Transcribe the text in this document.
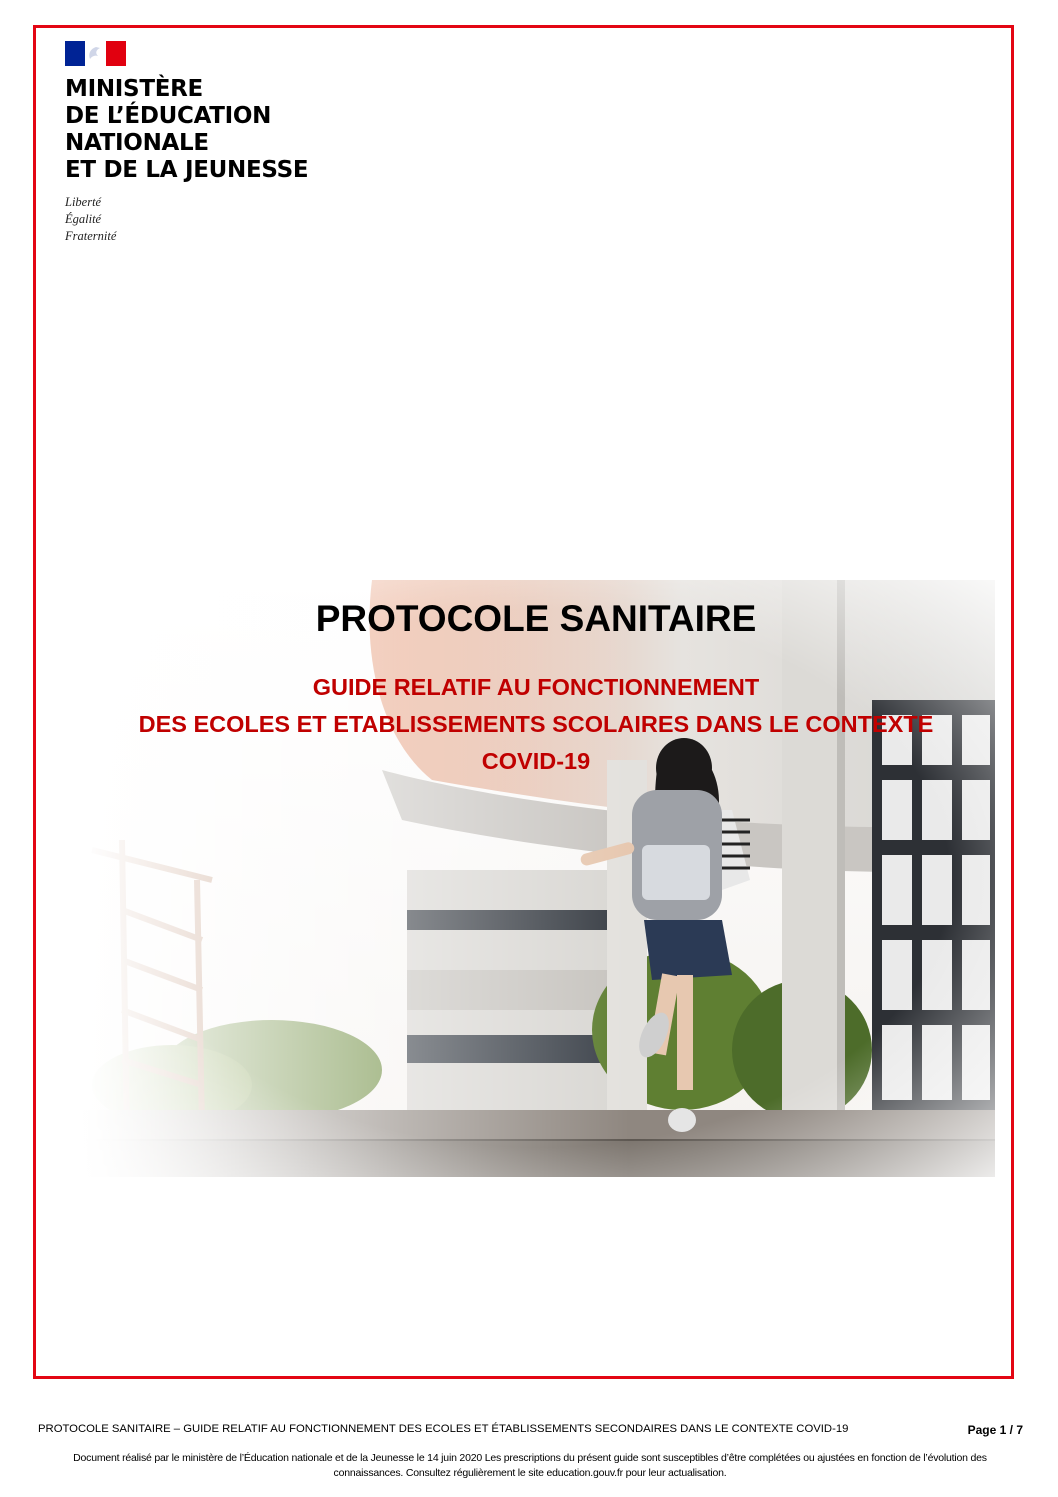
MINISTÈRE
DE L’ÉDUCATION
NATIONALE
ET DE LA JEUNESSE
Liberté
Égalité
Fraternité
PROTOCOLE SANITAIRE
GUIDE RELATIF AU FONCTIONNEMENT
DES ECOLES ET ETABLISSEMENTS SCOLAIRES DANS LE CONTEXTE
COVID-19
PROTOCOLE SANITAIRE – GUIDE RELATIF AU FONCTIONNEMENT DES ECOLES ET ÉTABLISSEMENTS SECONDAIRES DANS LE CONTEXTE COVID-19	Page 1 / 7
Document réalisé par le ministère de l’Éducation nationale et de la Jeunesse le 14 juin 2020 Les prescriptions du présent guide sont susceptibles d’être complétées ou ajustées en fonction de l’évolution des connaissances. Consultez régulièrement le site education.gouv.fr pour leur actualisation.
